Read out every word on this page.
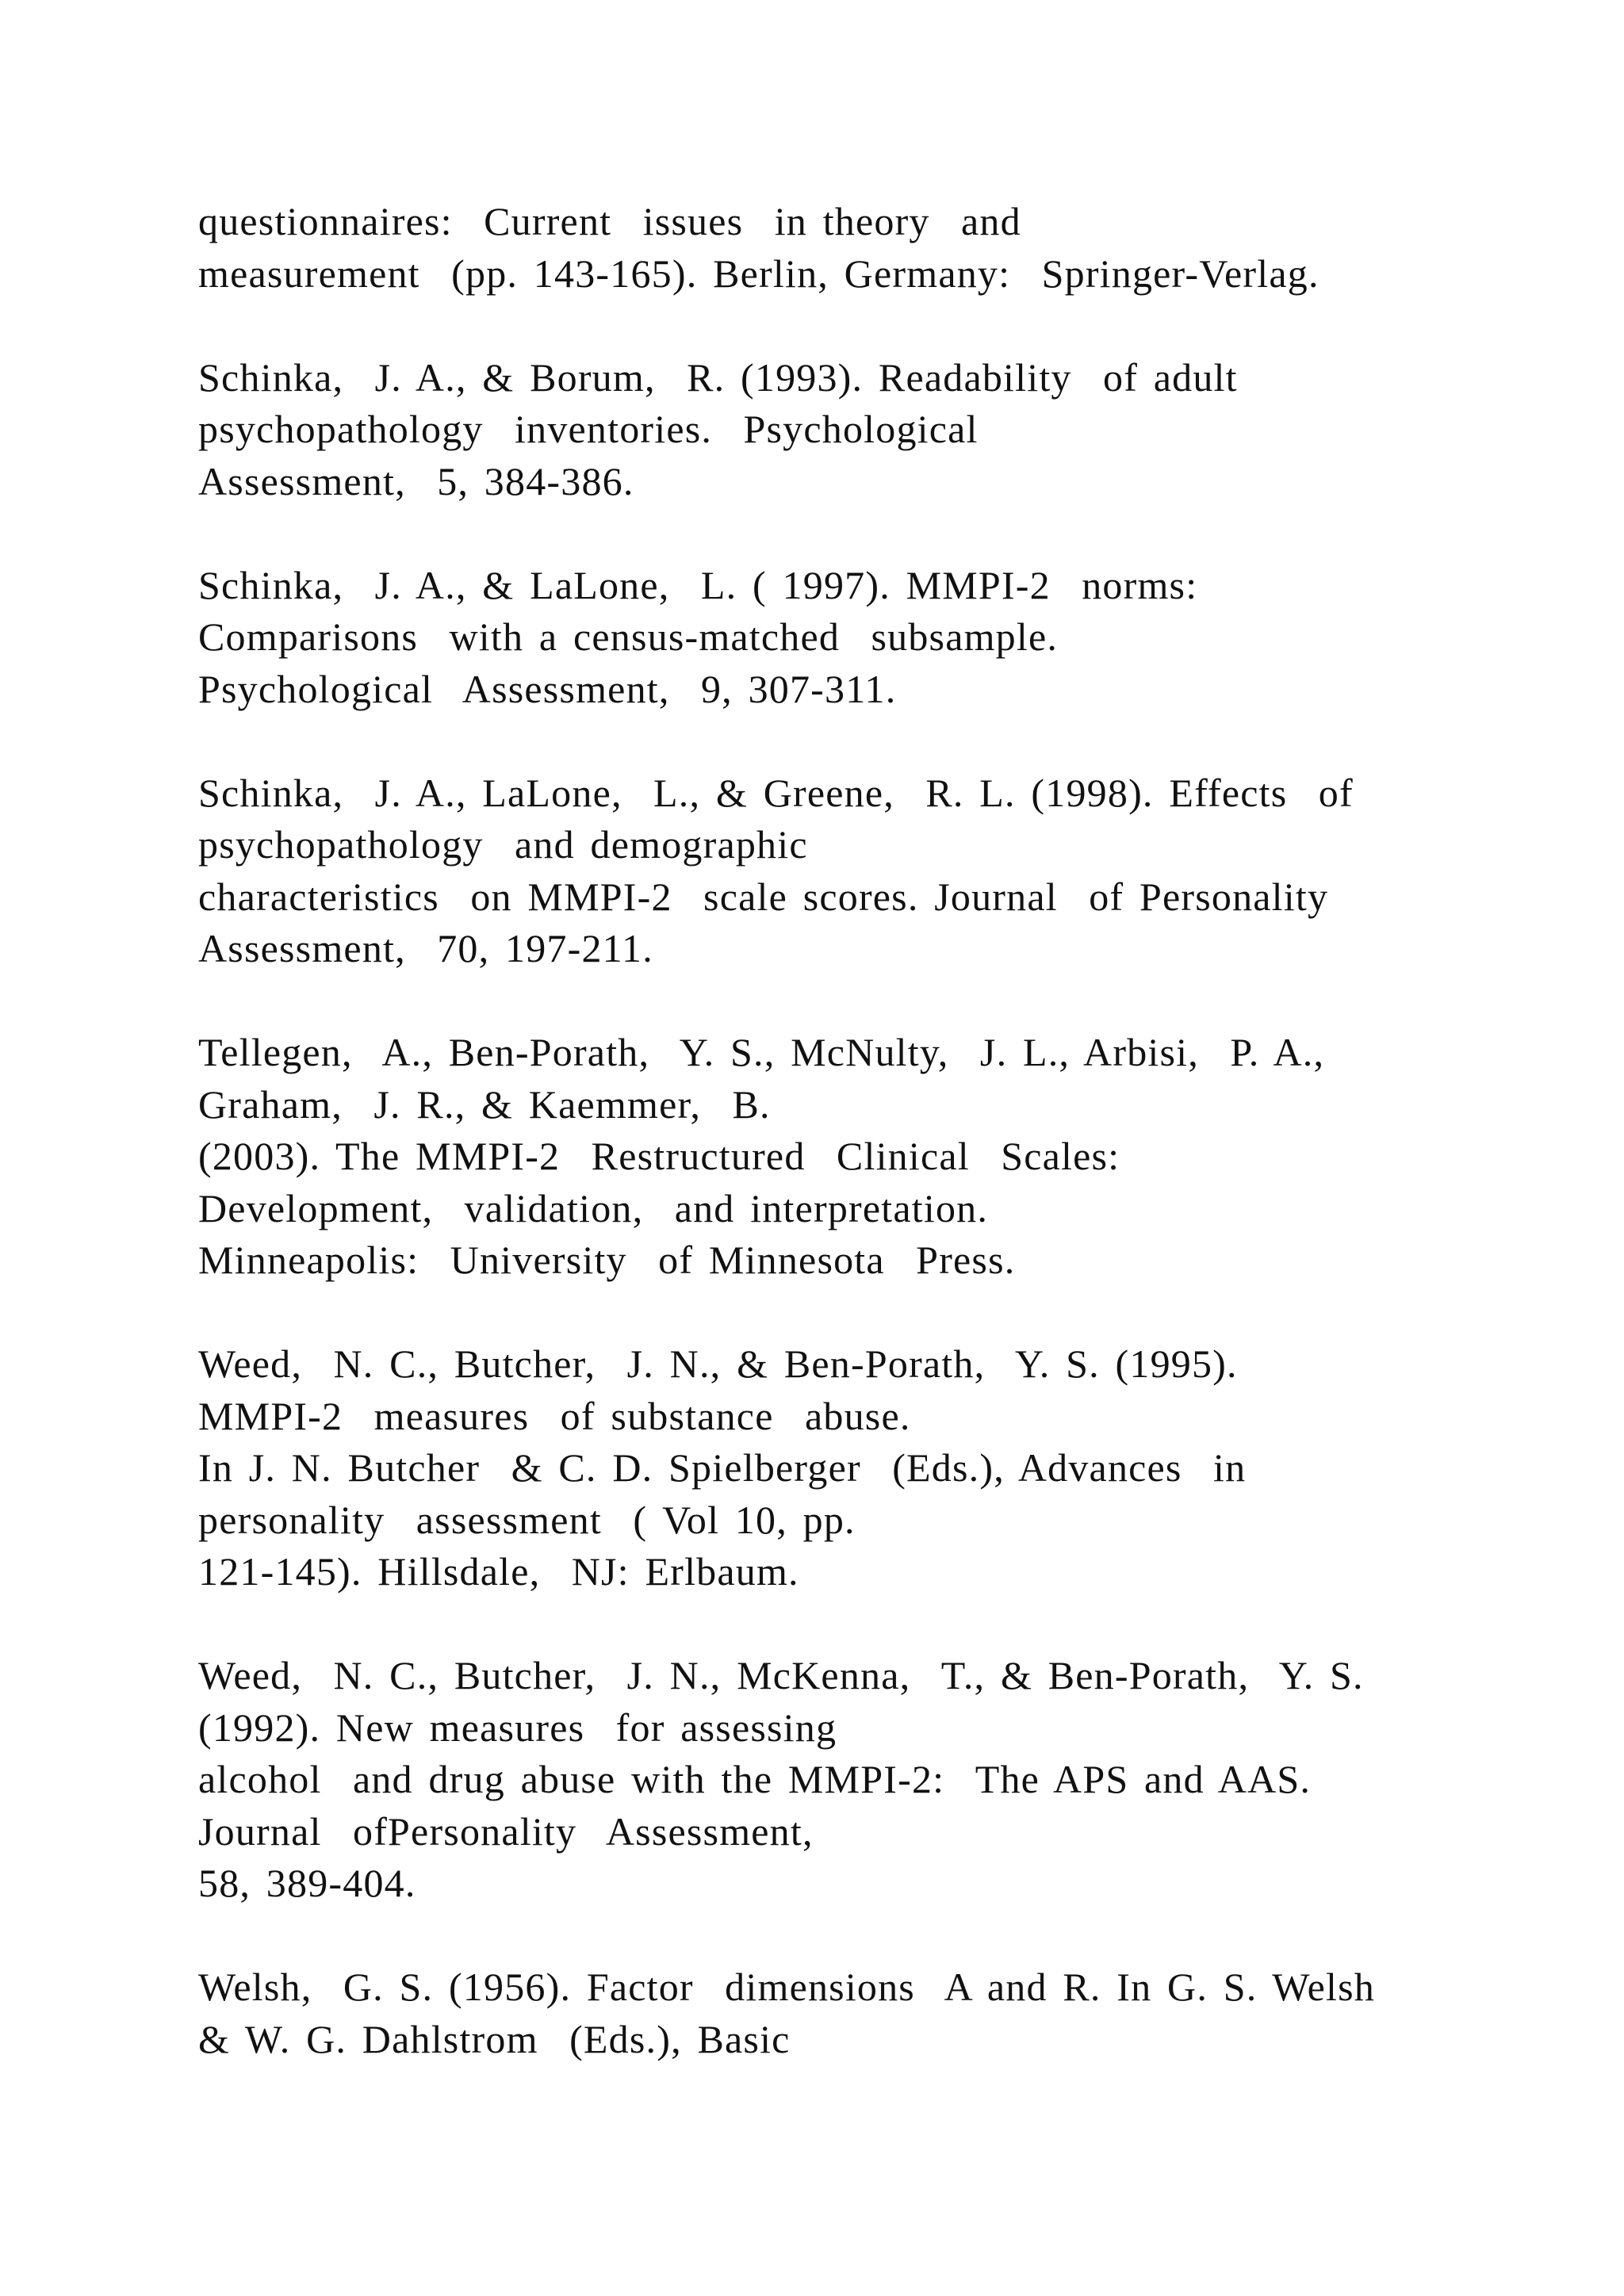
questionnaires:  Current  issues  in theory  and
measurement  (pp. 143-165). Berlin, Germany:  Springer-Verlag.
Schinka,  J. A., & Borum,  R. (1993). Readability  of adult
psychopathology  inventories.  Psychological
Assessment,  5, 384-386.
Schinka,  J. A., & LaLone,  L. ( 1997). MMPI-2  norms:
Comparisons  with a census-matched  subsample.
Psychological  Assessment,  9, 307-311.
Schinka,  J. A., LaLone,  L., & Greene,  R. L. (1998). Effects  of
psychopathology  and demographic
characteristics  on MMPI-2  scale scores. Journal  of Personality
Assessment,  70, 197-211.
Tellegen,  A., Ben-Porath,  Y. S., McNulty,  J. L., Arbisi,  P. A.,
Graham,  J. R., & Kaemmer,  B.
(2003). The MMPI-2  Restructured  Clinical  Scales:
Development,  validation,  and interpretation.
Minneapolis:  University  of Minnesota  Press.
Weed,  N. C., Butcher,  J. N., & Ben-Porath,  Y. S. (1995).
MMPI-2  measures  of substance  abuse.
In J. N. Butcher  & C. D. Spielberger  (Eds.), Advances  in
personality  assessment  ( Vol 10, pp.
121-145). Hillsdale,  NJ: Erlbaum.
Weed,  N. C., Butcher,  J. N., McKenna,  T., & Ben-Porath,  Y. S.
(1992). New measures  for assessing
alcohol  and drug abuse with the MMPI-2:  The APS and AAS.
Journal  ofPersonality  Assessment,
58, 389-404.
Welsh,  G. S. (1956). Factor  dimensions  A and R. In G. S. Welsh
& W. G. Dahlstrom  (Eds.), Basic
